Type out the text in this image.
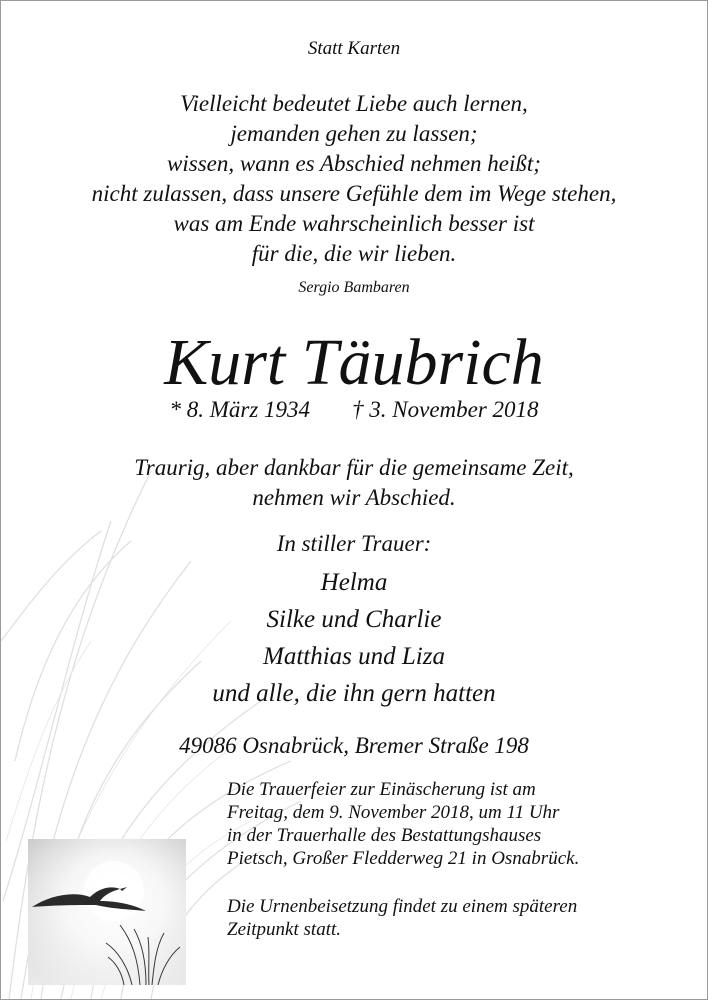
Statt Karten
Vielleicht bedeutet Liebe auch lernen,
jemanden gehen zu lassen;
wissen, wann es Abschied nehmen heißt;
nicht zulassen, dass unsere Gefühle dem im Wege stehen,
was am Ende wahrscheinlich besser ist
für die, die wir lieben.
Sergio Bambaren
Kurt Täubrich
* 8. März 1934 † 3. November 2018
Traurig, aber dankbar für die gemeinsame Zeit,
nehmen wir Abschied.
In stiller Trauer:
Helma
Silke und Charlie
Matthias und Liza
und alle, die ihn gern hatten
49086 Osnabrück, Bremer Straße 198
Die Trauerfeier zur Einäscherung ist am
Freitag, dem 9. November 2018, um 11 Uhr
in der Trauerhalle des Bestattungshauses
Pietsch, Großer Fledderweg 21 in Osnabrück.
Die Urnenbeisetzung findet zu einem späteren
Zeitpunkt statt.
